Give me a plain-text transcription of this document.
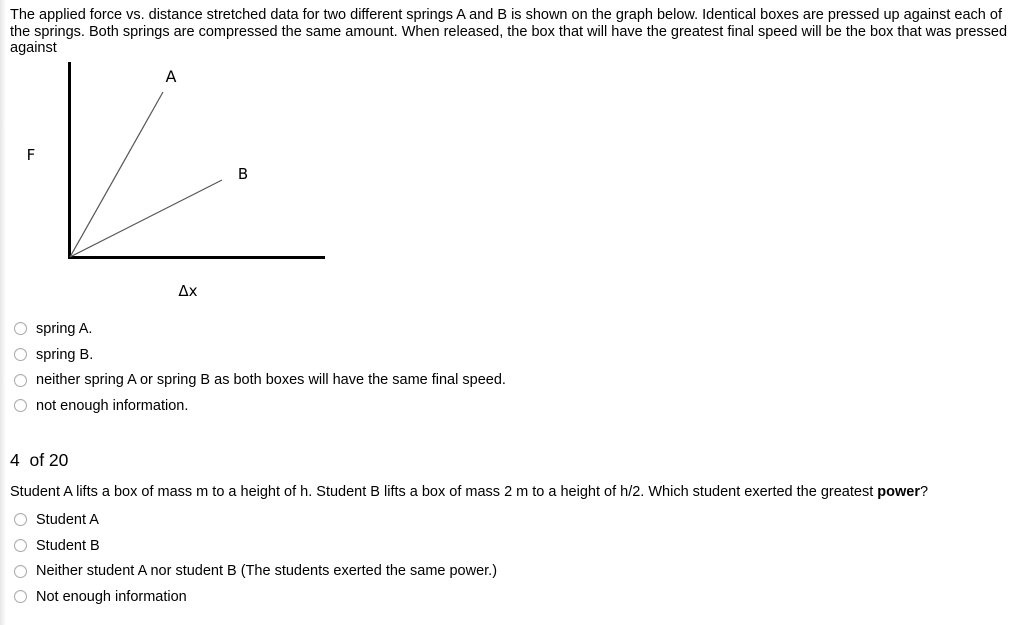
The applied force vs. distance stretched data for two different springs A and B is shown on the graph below. Identical boxes are pressed up against each of the springs. Both springs are compressed the same amount. When released, the box that will have the greatest final speed will be the box that was pressed against
A
B
F
Δx
spring A.
spring B.
neither spring A or spring B as both boxes will have the same final speed.
not enough information.
4  of 20
Student A lifts a box of mass m to a height of h. Student B lifts a box of mass 2 m to a height of h/2. Which student exerted the greatest power?
Student A
Student B
Neither student A nor student B (The students exerted the same power.)
Not enough information
